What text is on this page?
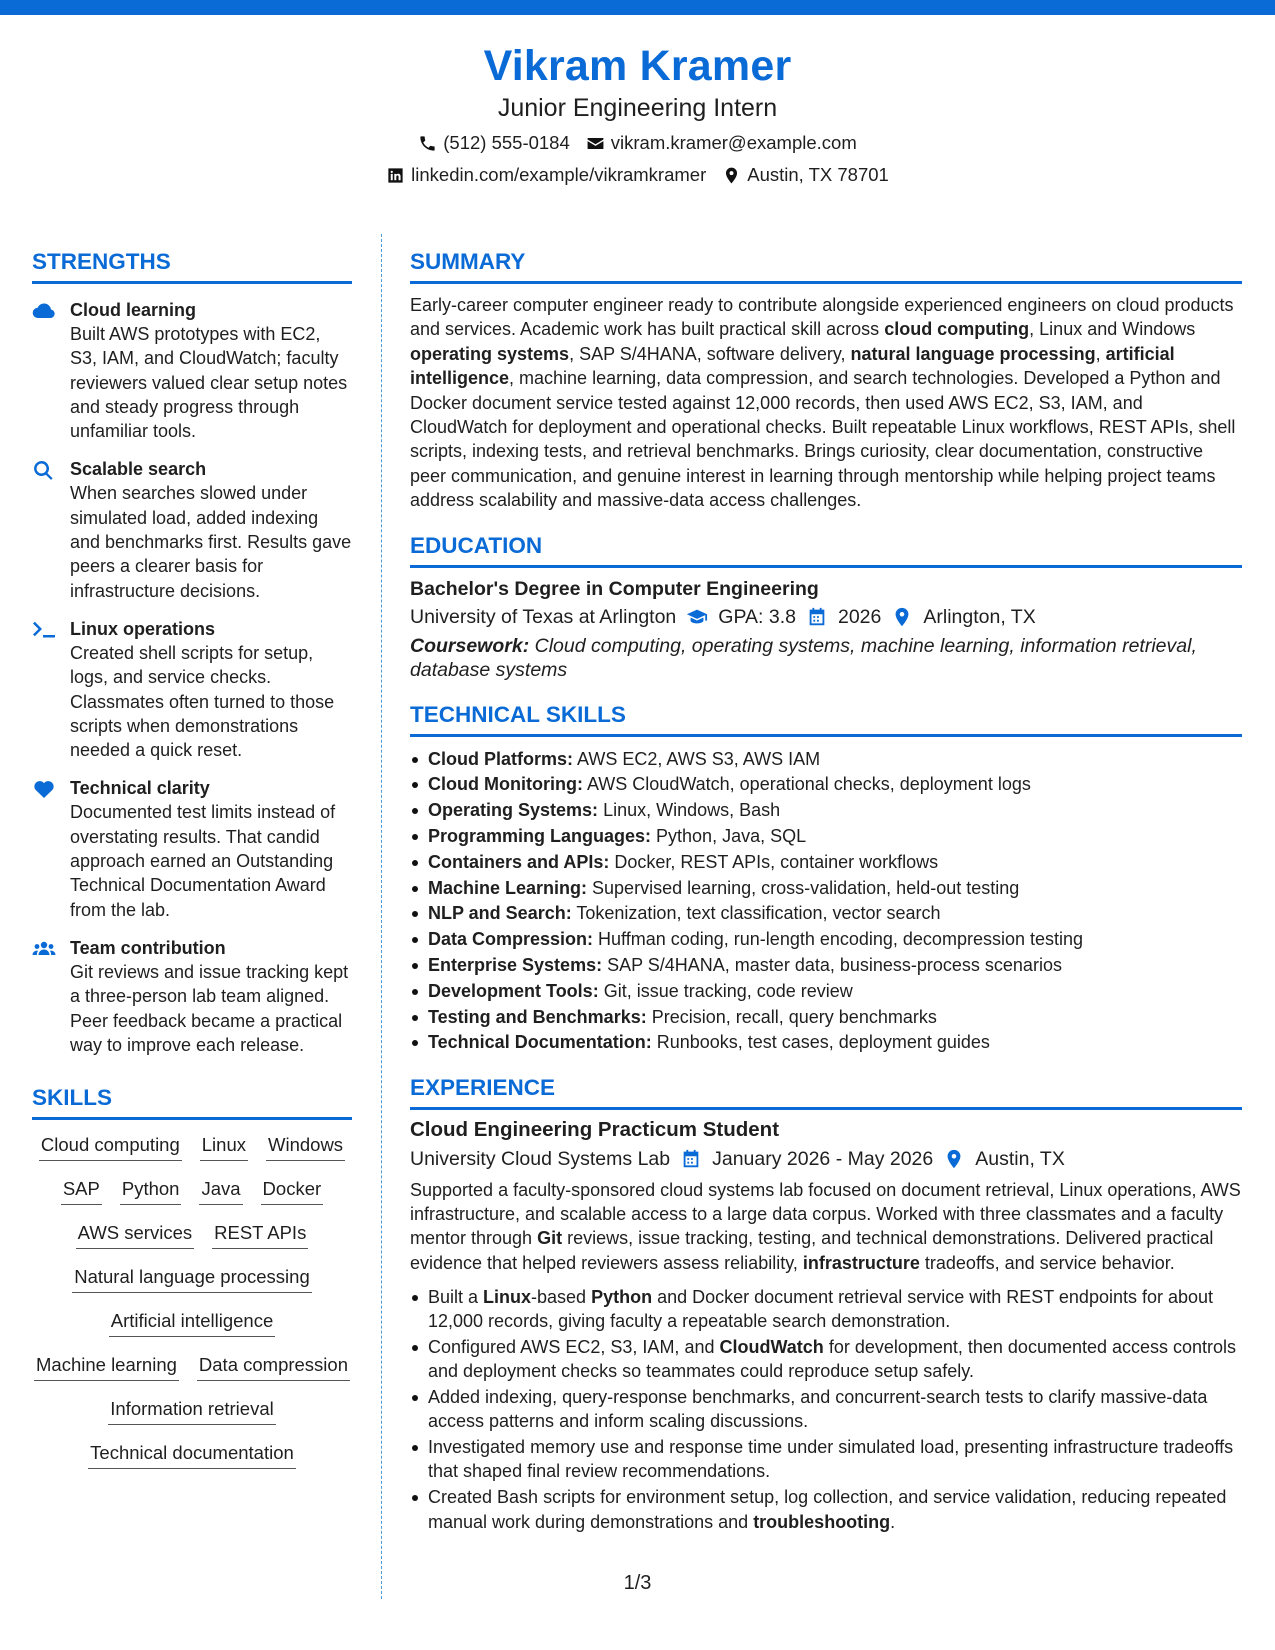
Vikram Kramer
Junior Engineering Intern
(512) 555-0184 vikram.kramer@example.com
linkedin.com/example/vikramkramer Austin, TX 78701
STRENGTHS
Cloud learning
Built AWS prototypes with EC2, S3, IAM, and CloudWatch; faculty reviewers valued clear setup notes and steady progress through unfamiliar tools.
Scalable search
When searches slowed under simulated load, added indexing and benchmarks first. Results gave peers a clearer basis for infrastructure decisions.
Linux operations
Created shell scripts for setup, logs, and service checks. Classmates often turned to those scripts when demonstrations needed a quick reset.
Technical clarity
Documented test limits instead of overstating results. That candid approach earned an Outstanding Technical Documentation Award from the lab.
Team contribution
Git reviews and issue tracking kept a three-person lab team aligned. Peer feedback became a practical way to improve each release.
SKILLS
Cloud computing Linux Windows
SAP Python Java Docker
AWS services REST APIs
Natural language processing
Artificial intelligence
Machine learning Data compression
Information retrieval
Technical documentation
SUMMARY

Early-career computer engineer ready to contribute alongside experienced engineers on cloud products and services. Academic work has built practical skill across cloud computing, Linux and Windows operating systems, SAP S/4HANA, software delivery, natural language processing, artificial intelligence, machine learning, data compression, and search technologies. Developed a Python and Docker document service tested against 12,000 records, then used AWS EC2, S3, IAM, and CloudWatch for deployment and operational checks. Built repeatable Linux workflows, REST APIs, shell scripts, indexing tests, and retrieval benchmarks. Brings curiosity, clear documentation, constructive peer communication, and genuine interest in learning through mentorship while helping project teams address scalability and massive-data access challenges.

EDUCATION
Bachelor's Degree in Computer Engineering
University of Texas at Arlington GPA: 3.8 2026 Arlington, TX
Coursework: Cloud computing, operating systems, machine learning, information retrieval, database systems
TECHNICAL SKILLS
Cloud Platforms: AWS EC2, AWS S3, AWS IAM
Cloud Monitoring: AWS CloudWatch, operational checks, deployment logs
Operating Systems: Linux, Windows, Bash
Programming Languages: Python, Java, SQL
Containers and APIs: Docker, REST APIs, container workflows
Machine Learning: Supervised learning, cross-validation, held-out testing
NLP and Search: Tokenization, text classification, vector search
Data Compression: Huffman coding, run-length encoding, decompression testing
Enterprise Systems: SAP S/4HANA, master data, business-process scenarios
Development Tools: Git, issue tracking, code review
Testing and Benchmarks: Precision, recall, query benchmarks
Technical Documentation: Runbooks, test cases, deployment guides
EXPERIENCE
Cloud Engineering Practicum Student
University Cloud Systems Lab January 2026 - May 2026 Austin, TX

Supported a faculty-sponsored cloud systems lab focused on document retrieval, Linux operations, AWS infrastructure, and scalable access to a large data corpus. Worked with three classmates and a faculty mentor through Git reviews, issue tracking, testing, and technical demonstrations. Delivered practical evidence that helped reviewers assess reliability, infrastructure tradeoffs, and service behavior.

Built a Linux-based Python and Docker document retrieval service with REST endpoints for about 12,000 records, giving faculty a repeatable search demonstration.
Configured AWS EC2, S3, IAM, and CloudWatch for development, then documented access controls and deployment checks so teammates could reproduce setup safely.
Added indexing, query-response benchmarks, and concurrent-search tests to clarify massive-data access patterns and inform scaling discussions.
Investigated memory use and response time under simulated load, presenting infrastructure tradeoffs that shaped final review recommendations.
Created Bash scripts for environment setup, log collection, and service validation, reducing repeated manual work during demonstrations and troubleshooting.
1/3
